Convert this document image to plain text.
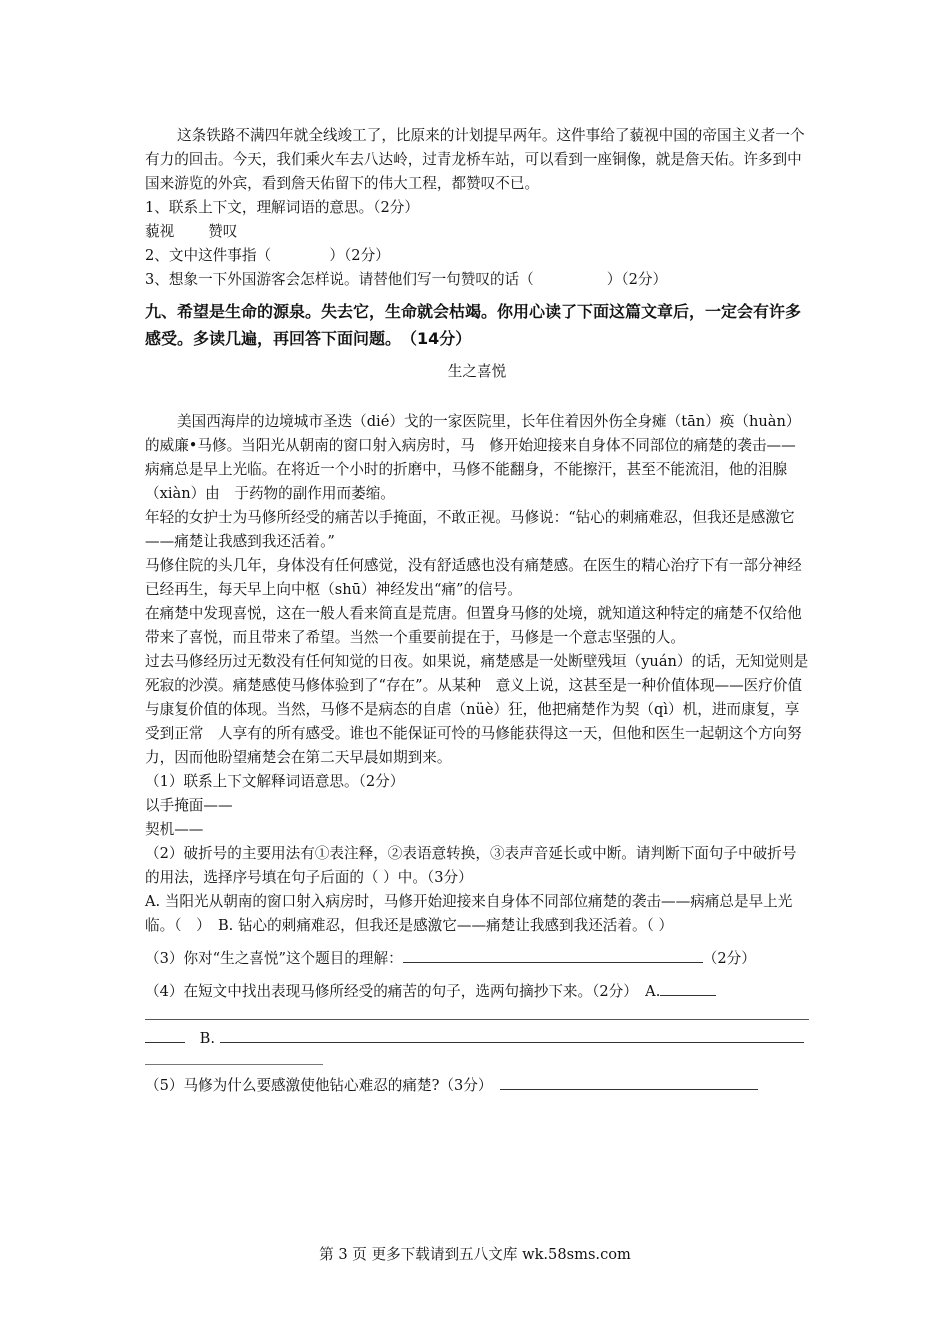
这条铁路不满四年就全线竣工了，比原来的计划提早两年。这件事给了藐视中国的帝国主义者一个有力的回击。今天，我们乘火车去八达岭，过青龙桥车站，可以看到一座铜像，就是詹天佑。许多到中国来游览的外宾，看到詹天佑留下的伟大工程，都赞叹不已。

1、联系上下文，理解词语的意思。（2分）

藐视 赞叹

2、文中这件事指（　　　　）（2分）

3、想象一下外国游客会怎样说。请替他们写一句赞叹的话（　　　　　）（2分）

九、希望是生命的源泉。失去它，生命就会枯竭。你用心读了下面这篇文章后，一定会有许多感受。多读几遍，再回答下面问题。　（14分）

生之喜悦

美国西海岸的边境城市圣迭（dié）戈的一家医院里，长年住着因外伤全身瘫（tān）痪（huàn）的威廉•马修。当阳光从朝南的窗口射入病房时，马　修开始迎接来自身体不同部位的痛楚的袭击——病痛总是早上光临。在将近一个小时的折磨中，马修不能翻身，不能擦汗，甚至不能流泪，他的泪腺（xiàn）由　于药物的副作用而萎缩。

年轻的女护士为马修所经受的痛苦以手掩面，不敢正视。马修说：“钻心的刺痛难忍，但我还是感激它——痛楚让我感到我还活着。”

马修住院的头几年，身体没有任何感觉，没有舒适感也没有痛楚感。在医生的精心治疗下有一部分神经已经再生，每天早上向中枢（shū）神经发出“痛”的信号。

在痛楚中发现喜悦，这在一般人看来简直是荒唐。但置身马修的处境，就知道这种特定的痛楚不仅给他带来了喜悦，而且带来了希望。当然一个重要前提在于，马修是一个意志坚强的人。

过去马修经历过无数没有任何知觉的日夜。如果说，痛楚感是一处断壁残垣（yuán）的话，无知觉则是死寂的沙漠。痛楚感使马修体验到了“存在”。从某种　意义上说，这甚至是一种价值体现——医疗价值与康复价值的体现。当然，马修不是病态的自虐（nüè）狂，他把痛楚作为契（qì）机，进而康复，享受到正常　人享有的所有感受。谁也不能保证可怜的马修能获得这一天，但他和医生一起朝这个方向努力，因而他盼望痛楚会在第二天早晨如期到来。

（1）联系上下文解释词语意思。（2分）

以手掩面——

契机——

（2）破折号的主要用法有①表注释，②表语意转换，③表声音延长或中断。请判断下面句子中破折号的用法，选择序号填在句子后面的（ ）中。（3分）

A. 当阳光从朝南的窗口射入病房时，马修开始迎接来自身体不同部位痛楚的袭击——病痛总是早上光临。（　）　B. 钻心的刺痛难忍，但我还是感激它——痛楚让我感到我还活着。（ ）

（3）你对“生之喜悦”这个题目的理解：	（2分）

（4）在短文中找出表现马修所经受的痛苦的句子，选两句摘抄下来。（2分）　A.

　B.

（5）马修为什么要感激使他钻心难忍的痛楚?（3分）　

第 3 页 更多下载请到五八文库 wk.58sms.com
